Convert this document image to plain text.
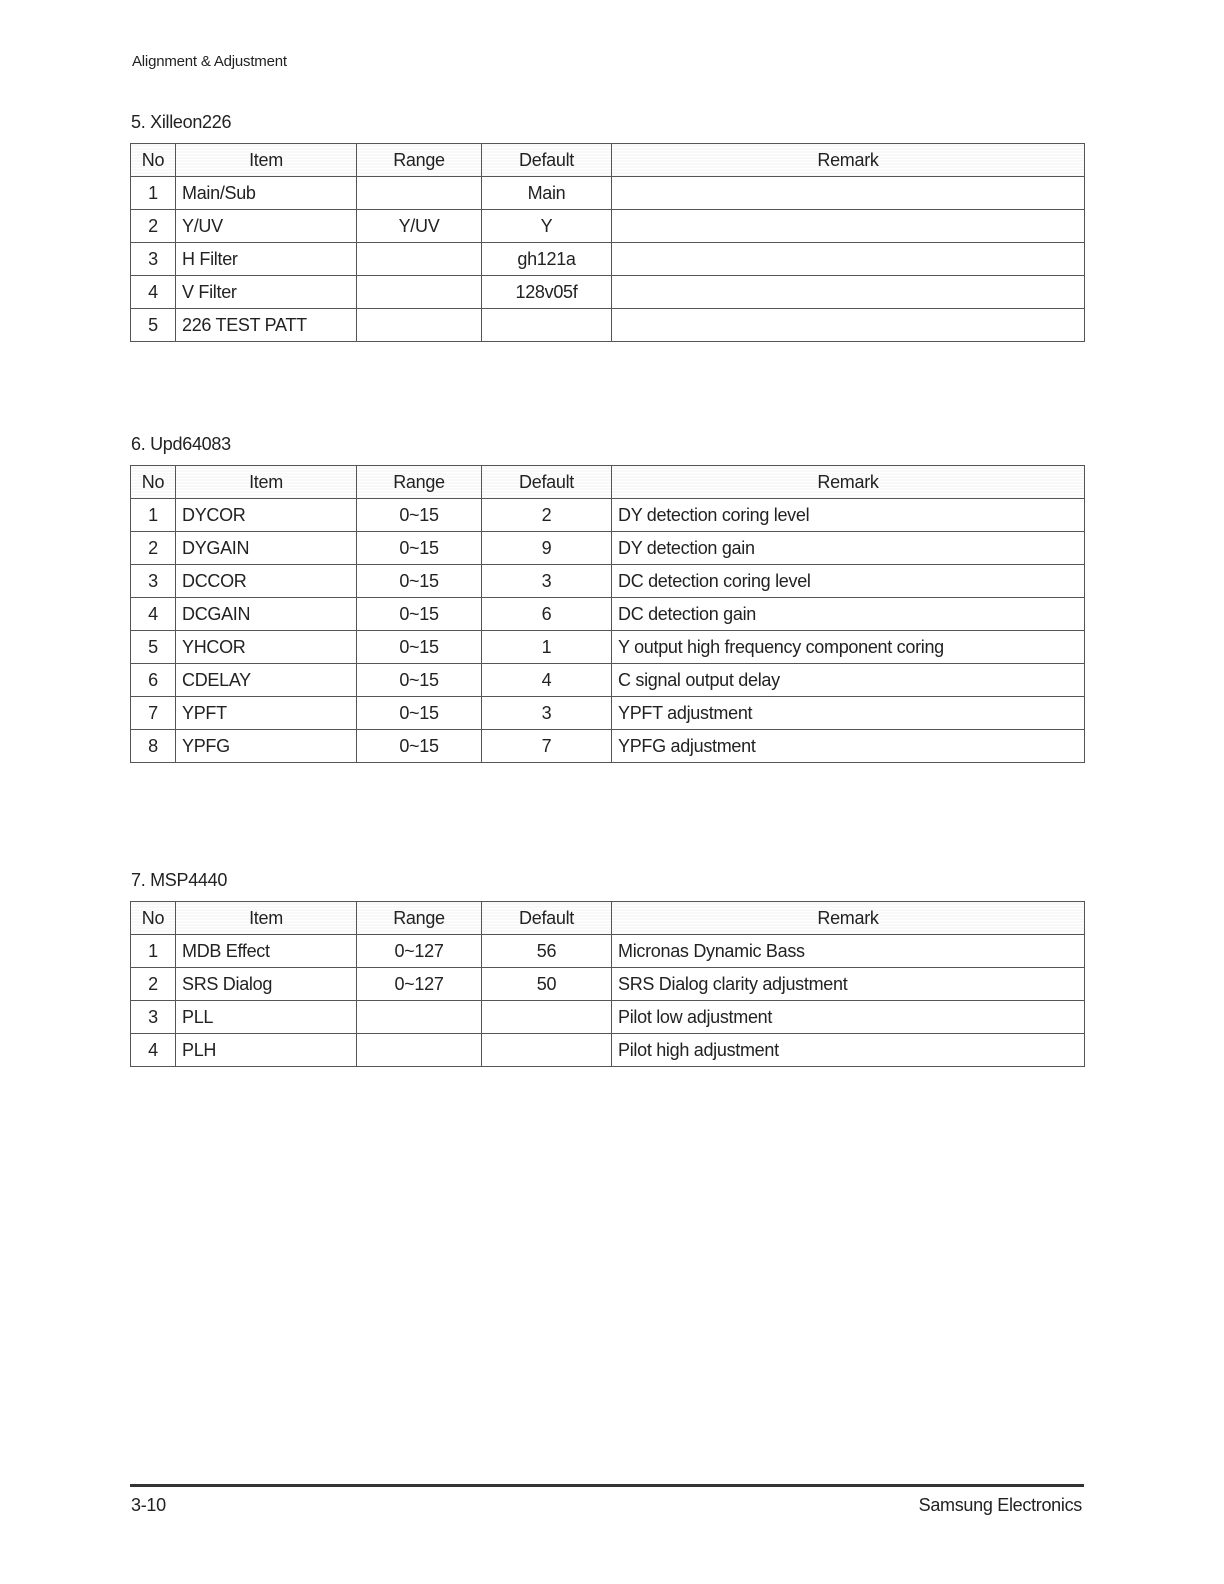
Alignment & Adjustment
5. Xilleon226
No	Item	Range	Default	Remark
1	Main/Sub		Main	
2	Y/UV	Y/UV	Y	
3	H Filter		gh121a	
4	V Filter		128v05f	
5	226 TEST PATT			
6. Upd64083
No	Item	Range	Default	Remark
1	DYCOR	0~15	2	DY detection coring level
2	DYGAIN	0~15	9	DY detection gain
3	DCCOR	0~15	3	DC detection coring level
4	DCGAIN	0~15	6	DC detection gain
5	YHCOR	0~15	1	Y output high frequency component coring
6	CDELAY	0~15	4	C signal output delay
7	YPFT	0~15	3	YPFT adjustment
8	YPFG	0~15	7	YPFG adjustment
7. MSP4440
No	Item	Range	Default	Remark
1	MDB Effect	0~127	56	Micronas Dynamic Bass
2	SRS Dialog	0~127	50	SRS Dialog clarity adjustment
3	PLL			Pilot low adjustment
4	PLH			Pilot high adjustment
3-10	Samsung Electronics
